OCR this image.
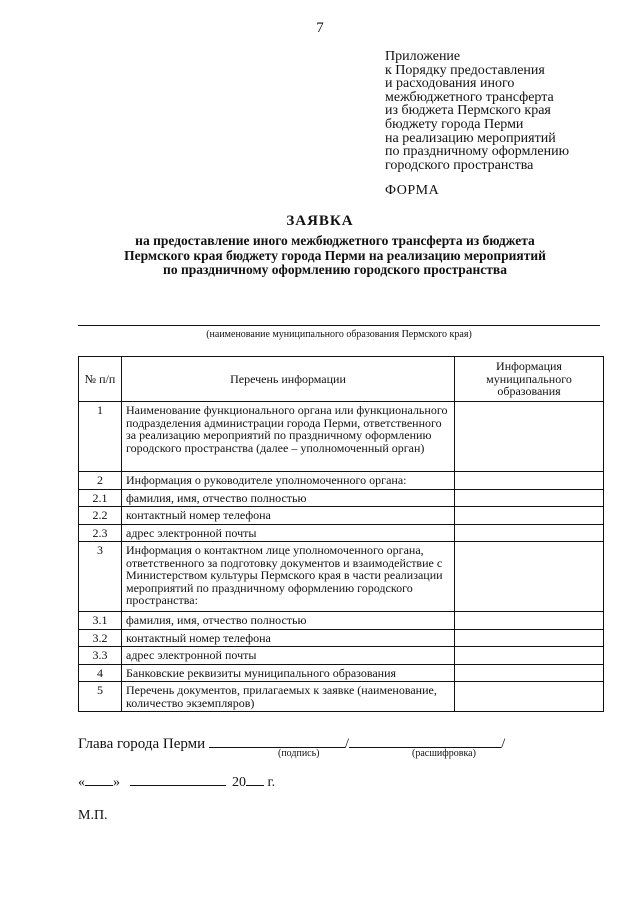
7
Приложение
к Порядку предоставления
и расходования иного
межбюджетного трансферта
из бюджета Пермского края
бюджету города Перми
на реализацию мероприятий
по праздничному оформлению
городского пространства
ФОРМА
ЗАЯВКА
на предоставление иного межбюджетного трансферта из бюджета
Пермского края бюджету города Перми на реализацию мероприятий
по праздничному оформлению городского пространства
(наименование муниципального образования Пермского края)
№ п/п	Перечень информации	Информация муниципального образования
1	Наименование функционального органа или функционального подразделения администрации города Перми, ответственного за реализацию мероприятий по праздничному оформлению городского пространства (далее – уполномоченный орган)	
2	Информация о руководителе уполномоченного органа:	
2.1	фамилия, имя, отчество полностью	
2.2	контактный номер телефона	
2.3	адрес электронной почты	
3	Информация о контактном лице уполномоченного органа, ответственного за подготовку документов и взаимодействие с Министерством культуры Пермского края в части реализации мероприятий по праздничному оформлению городского пространства:	
3.1	фамилия, имя, отчество полностью	
3.2	контактный номер телефона	
3.3	адрес электронной почты	
4	Банковские реквизиты муниципального образования	
5	Перечень документов, прилагаемых к заявке (наименование, количество экземпляров)	
Глава города Перми	/	/
(подпись)	(расшифровка)
« »	20 г.
М.П.
